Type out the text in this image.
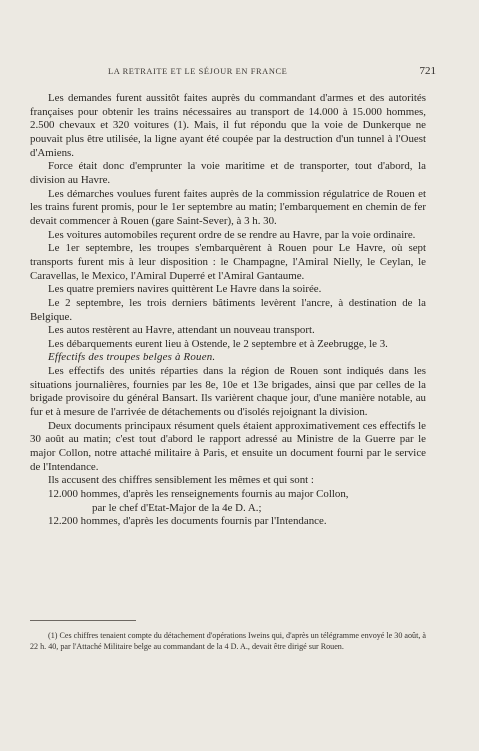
LA RETRAITE ET LE SÉJOUR EN FRANCE	721

Les demandes furent aussitôt faites auprès du commandant d'armes et des autorités françaises pour obtenir les trains nécessaires au transport de 14.000 à 15.000 hommes, 2.500 chevaux et 320 voitures (1). Mais, il fut répondu que la voie de Dunkerque ne pouvait plus être utilisée, la ligne ayant été coupée par la destruction d'un tunnel à l'Ouest d'Amiens.

Force était donc d'emprunter la voie maritime et de transporter, tout d'abord, la division au Havre.

Les démarches voulues furent faites auprès de la commission régulatrice de Rouen et les trains furent promis, pour le 1er septembre au matin; l'embarquement en chemin de fer devait commencer à Rouen (gare Saint-Sever), à 3 h. 30.

Les voitures automobiles reçurent ordre de se rendre au Havre, par la voie ordinaire.

Le 1er septembre, les troupes s'embarquèrent à Rouen pour Le Havre, où sept transports furent mis à leur disposition : le Champagne, l'Amiral Nielly, le Ceylan, le Caravellas, le Mexico, l'Amiral Duperré et l'Amiral Gantaume.

Les quatre premiers navires quittèrent Le Havre dans la soirée.

Le 2 septembre, les trois derniers bâtiments levèrent l'ancre, à destination de la Belgique.

Les autos restèrent au Havre, attendant un nouveau transport.

Les débarquements eurent lieu à Ostende, le 2 septembre et à Zeebrugge, le 3.

Effectifs des troupes belges à Rouen.

Les effectifs des unités réparties dans la région de Rouen sont indiqués dans les situations journalières, fournies par les 8e, 10e et 13e brigades, ainsi que par celles de la brigade provisoire du général Bansart. Ils varièrent chaque jour, d'une manière notable, au fur et à mesure de l'arrivée de détachements ou d'isolés rejoignant la division.

Deux documents principaux résument quels étaient approximativement ces effectifs le 30 août au matin; c'est tout d'abord le rapport adressé au Ministre de la Guerre par le major Collon, notre attaché militaire à Paris, et ensuite un document fourni par le service de l'Intendance.

Ils accusent des chiffres sensiblement les mêmes et qui sont :

12.000 hommes, d'après les renseignements fournis au major Collon,

par le chef d'Etat-Major de la 4e D. A.;

12.200 hommes, d'après les documents fournis par l'Intendance.

(1) Ces chiffres tenaient compte du détachement d'opérations Iweins qui, d'après un télégramme envoyé le 30 août, à 22 h. 40, par l'Attaché Militaire belge au commandant de la 4 D. A., devait être dirigé sur Rouen.
